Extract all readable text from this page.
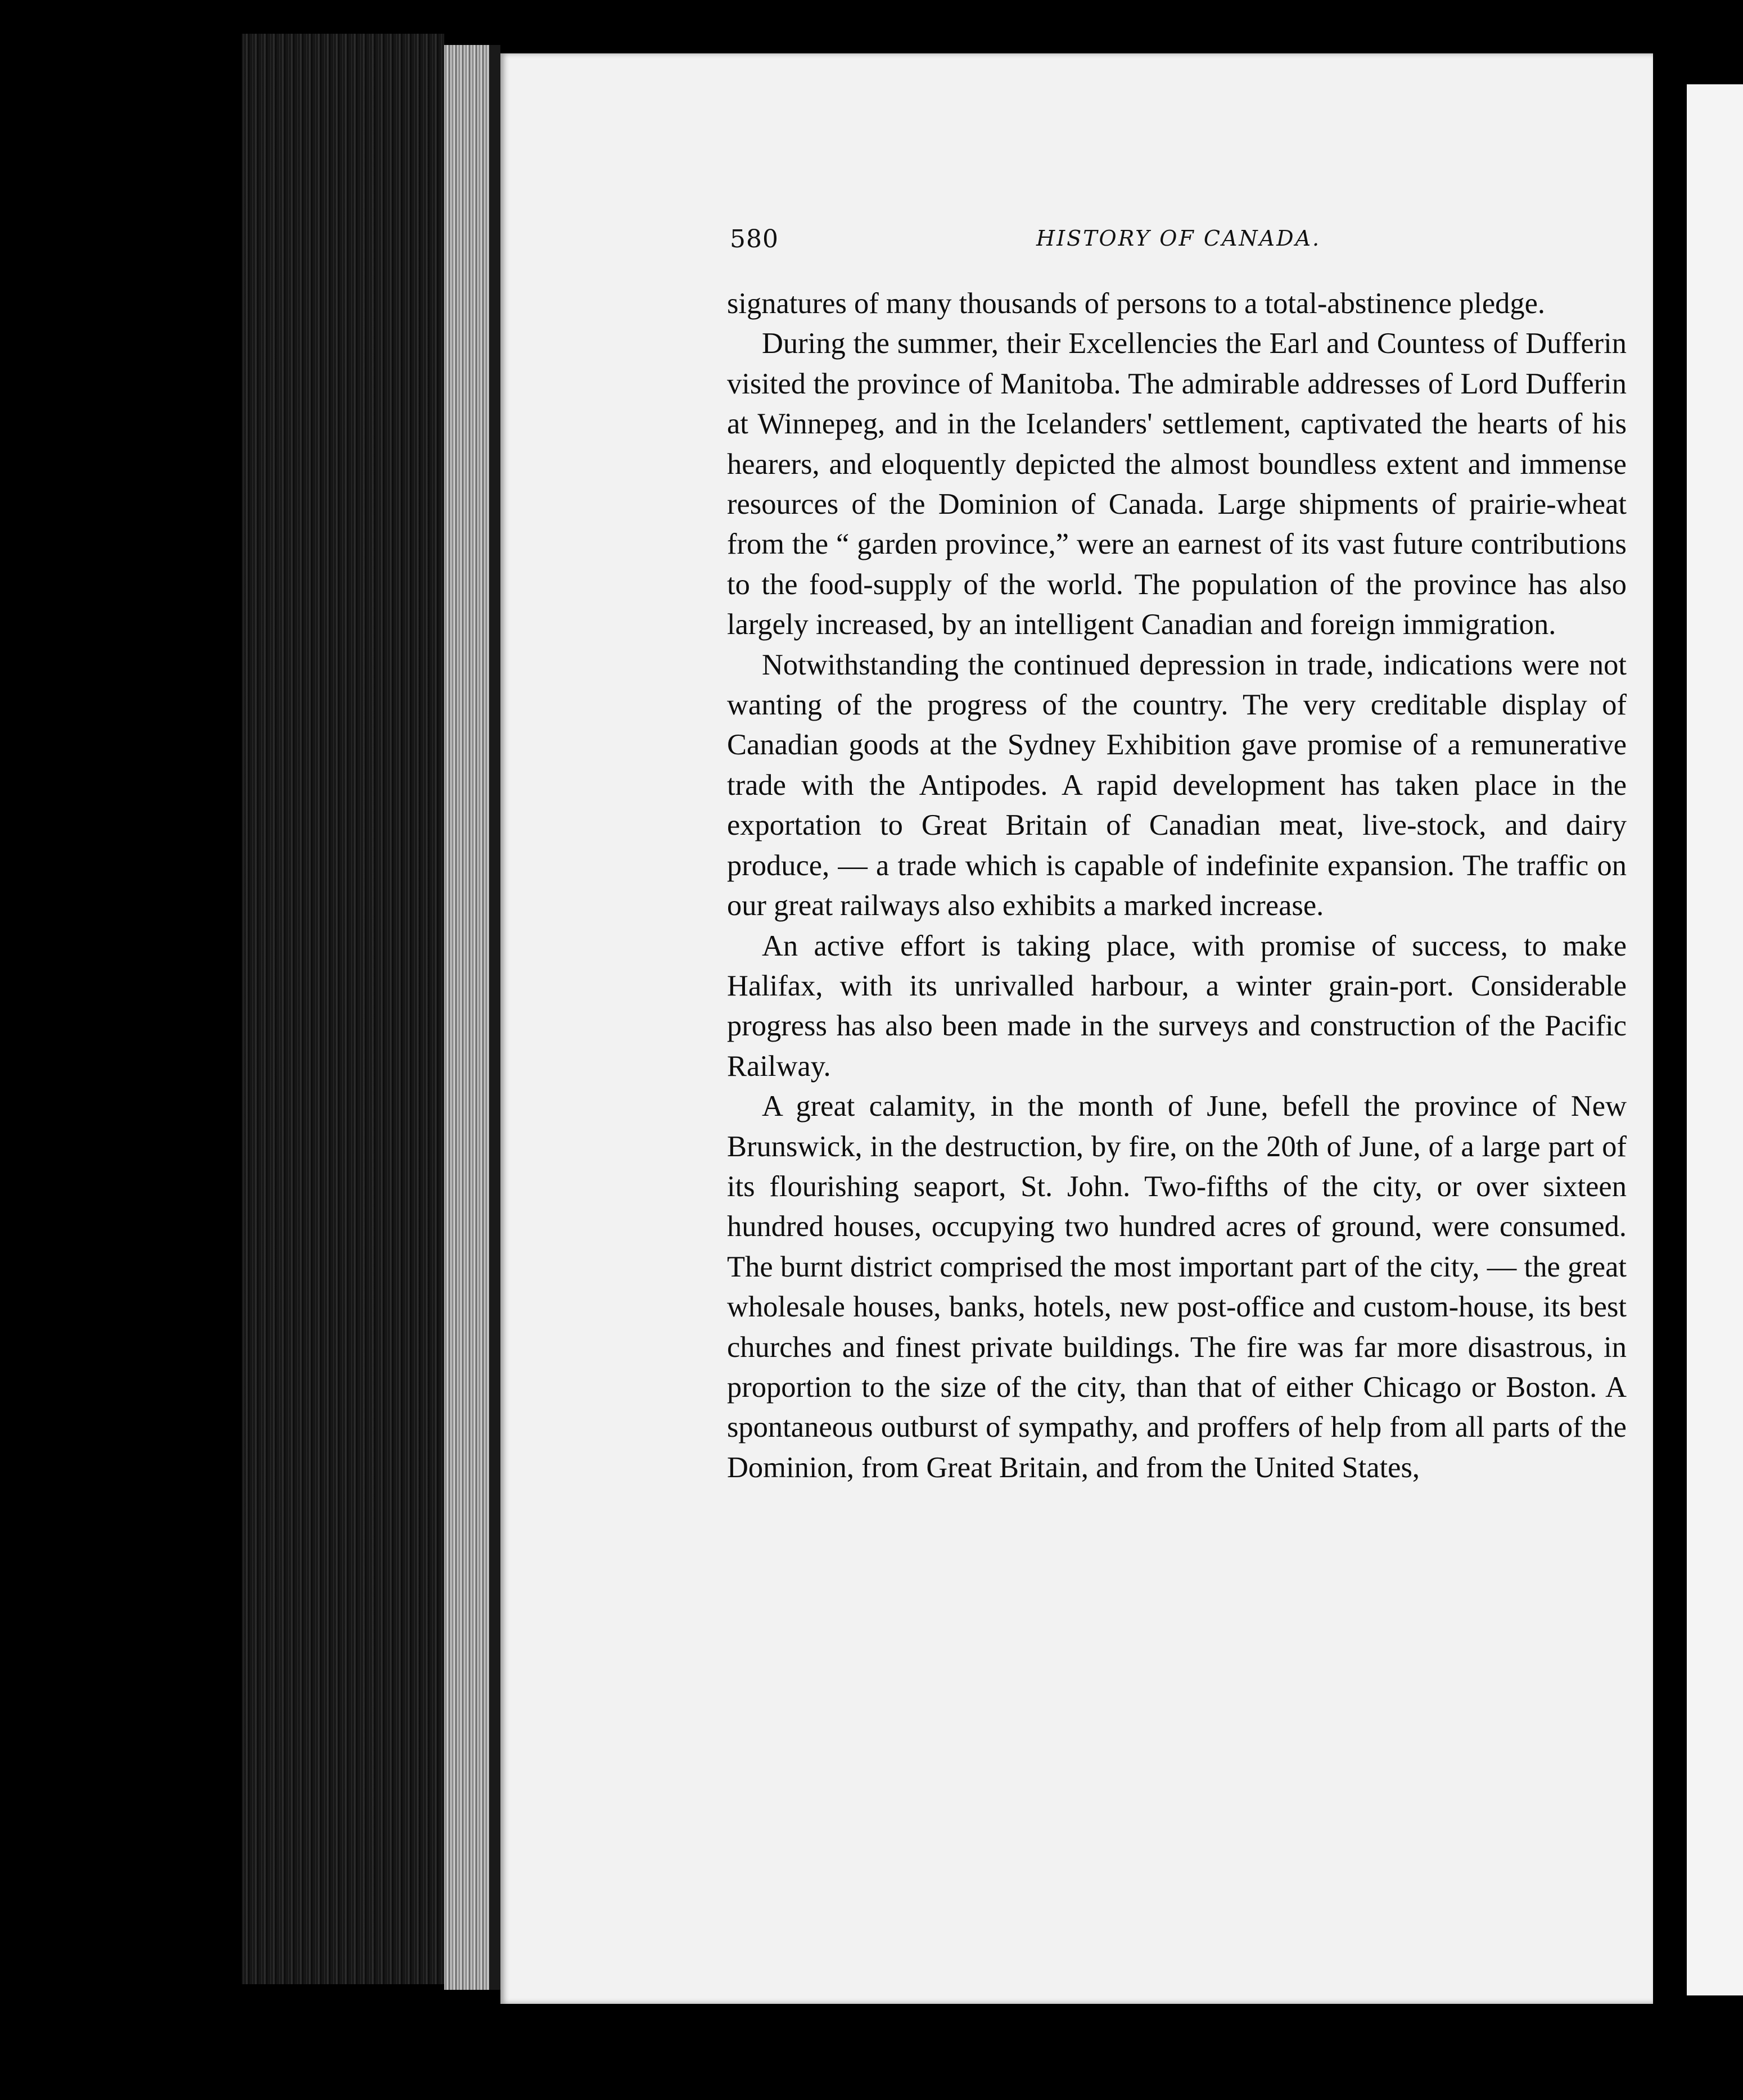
580	HISTORY OF CANADA.

signatures of many thousands of persons to a total-abstinence pledge.

During the summer, their Excellencies the Earl and Countess of Dufferin visited the province of Manitoba. The admirable addresses of Lord Dufferin at Winnepeg, and in the Icelanders' settlement, captivated the hearts of his hearers, and eloquently depicted the almost boundless extent and immense resources of the Dominion of Canada. Large shipments of prairie-wheat from the “ garden province,” were an earnest of its vast future contributions to the food-supply of the world. The population of the province has also largely increased, by an intelligent Canadian and foreign immigration.

Notwithstanding the continued depression in trade, indications were not wanting of the progress of the country. The very creditable display of Canadian goods at the Sydney Exhibition gave promise of a remunerative trade with the Antipodes. A rapid development has taken place in the exportation to Great Britain of Canadian meat, live-stock, and dairy produce, — a trade which is capable of indefinite expansion. The traffic on our great railways also exhibits a marked increase.

An active effort is taking place, with promise of success, to make Halifax, with its unrivalled harbour, a winter grain-port. Considerable progress has also been made in the surveys and construction of the Pacific Railway.

A great calamity, in the month of June, befell the province of New Brunswick, in the destruction, by fire, on the 20th of June, of a large part of its flourishing seaport, St. John. Two-fifths of the city, or over sixteen hundred houses, occupying two hundred acres of ground, were consumed. The burnt district comprised the most important part of the city, — the great wholesale houses, banks, hotels, new post-office and custom-house, its best churches and finest private buildings. The fire was far more disastrous, in proportion to the size of the city, than that of either Chicago or Boston. A spontaneous outburst of sympathy, and proffers of help from all parts of the Dominion, from Great Britain, and from the United States,
